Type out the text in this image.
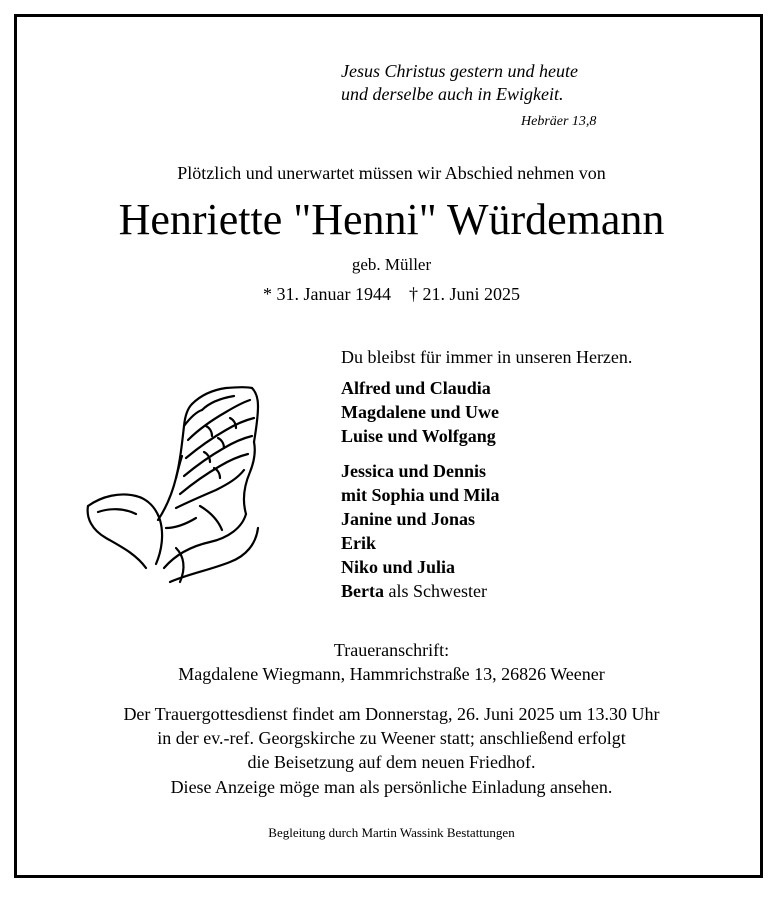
Jesus Christus gestern und heute
und derselbe auch in Ewigkeit.
Hebräer 13,8
Plötzlich und unerwartet müssen wir Abschied nehmen von
Henriette "Henni" Würdemann
geb. Müller
* 31. Januar 1944 † 21. Juni 2025
Du bleibst für immer in unseren Herzen.
Alfred und Claudia
Magdalene und Uwe
Luise und Wolfgang
Jessica und Dennis
mit Sophia und Mila
Janine und Jonas
Erik
Niko und Julia
Berta als Schwester
Traueranschrift:
Magdalene Wiegmann, Hammrichstraße 13, 26826 Weener
Der Trauergottesdienst findet am Donnerstag, 26. Juni 2025 um 13.30 Uhr
in der ev.-ref. Georgskirche zu Weener statt; anschließend erfolgt
die Beisetzung auf dem neuen Friedhof.
Diese Anzeige möge man als persönliche Einladung ansehen.
Begleitung durch Martin Wassink Bestattungen
